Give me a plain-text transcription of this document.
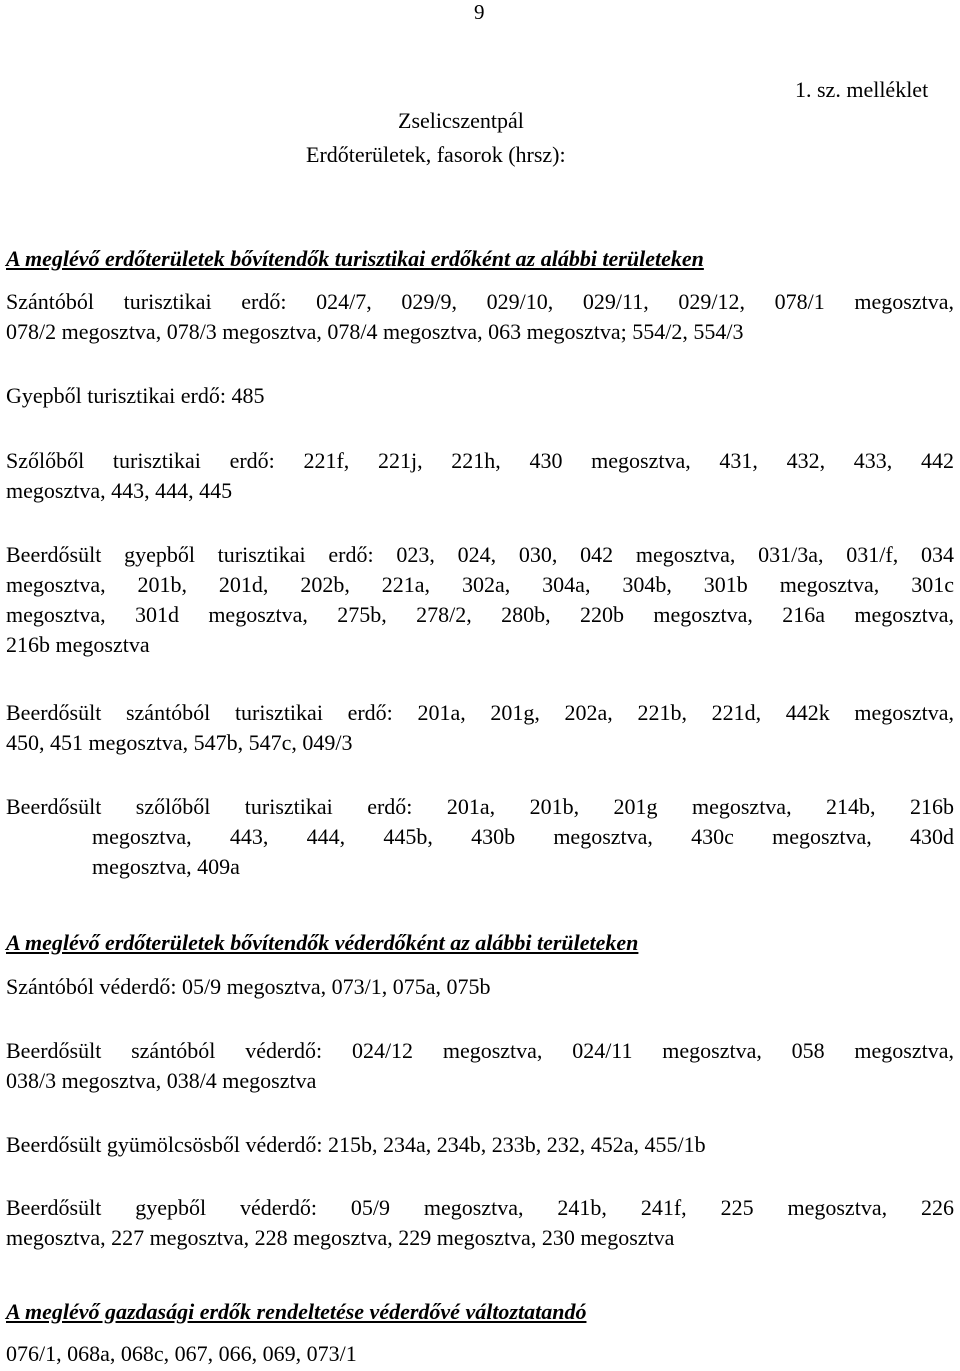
9
1. sz. melléklet
Zselicszentpál
Erdőterületek, fasorok (hrsz):
A meglévő erdőterületek bővítendők turisztikai erdőként az alábbi területeken
Szántóból turisztikai erdő: 024/7, 029/9, 029/10, 029/11, 029/12, 078/1 megosztva,
078/2 megosztva, 078/3 megosztva, 078/4 megosztva, 063 megosztva; 554/2, 554/3
Gyepből turisztikai erdő: 485
Szőlőből turisztikai erdő: 221f, 221j, 221h, 430 megosztva, 431, 432, 433, 442
megosztva, 443, 444, 445
Beerdősült gyepből turisztikai erdő: 023, 024, 030, 042 megosztva, 031/3a, 031/f, 034
megosztva, 201b, 201d, 202b, 221a, 302a, 304a, 304b, 301b megosztva, 301c
megosztva, 301d megosztva, 275b, 278/2, 280b, 220b megosztva, 216a megosztva,
216b megosztva
Beerdősült szántóból turisztikai erdő: 201a, 201g, 202a, 221b, 221d, 442k megosztva,
450, 451 megosztva, 547b, 547c, 049/3
Beerdősült szőlőből turisztikai erdő: 201a, 201b, 201g megosztva, 214b, 216b
megosztva, 443, 444, 445b, 430b megosztva, 430c megosztva, 430d
megosztva, 409a
A meglévő erdőterületek bővítendők véderdőként az alábbi területeken
Szántóból véderdő: 05/9 megosztva, 073/1, 075a, 075b
Beerdősült szántóból véderdő: 024/12 megosztva, 024/11 megosztva, 058 megosztva,
038/3 megosztva, 038/4 megosztva
Beerdősült gyümölcsösből véderdő: 215b, 234a, 234b, 233b, 232, 452a, 455/1b
Beerdősült gyepből véderdő: 05/9 megosztva, 241b, 241f, 225 megosztva, 226
megosztva, 227 megosztva, 228 megosztva, 229 megosztva, 230 megosztva
A meglévő gazdasági erdők rendeltetése véderdővé változtatandó
076/1, 068a, 068c, 067, 066, 069, 073/1
